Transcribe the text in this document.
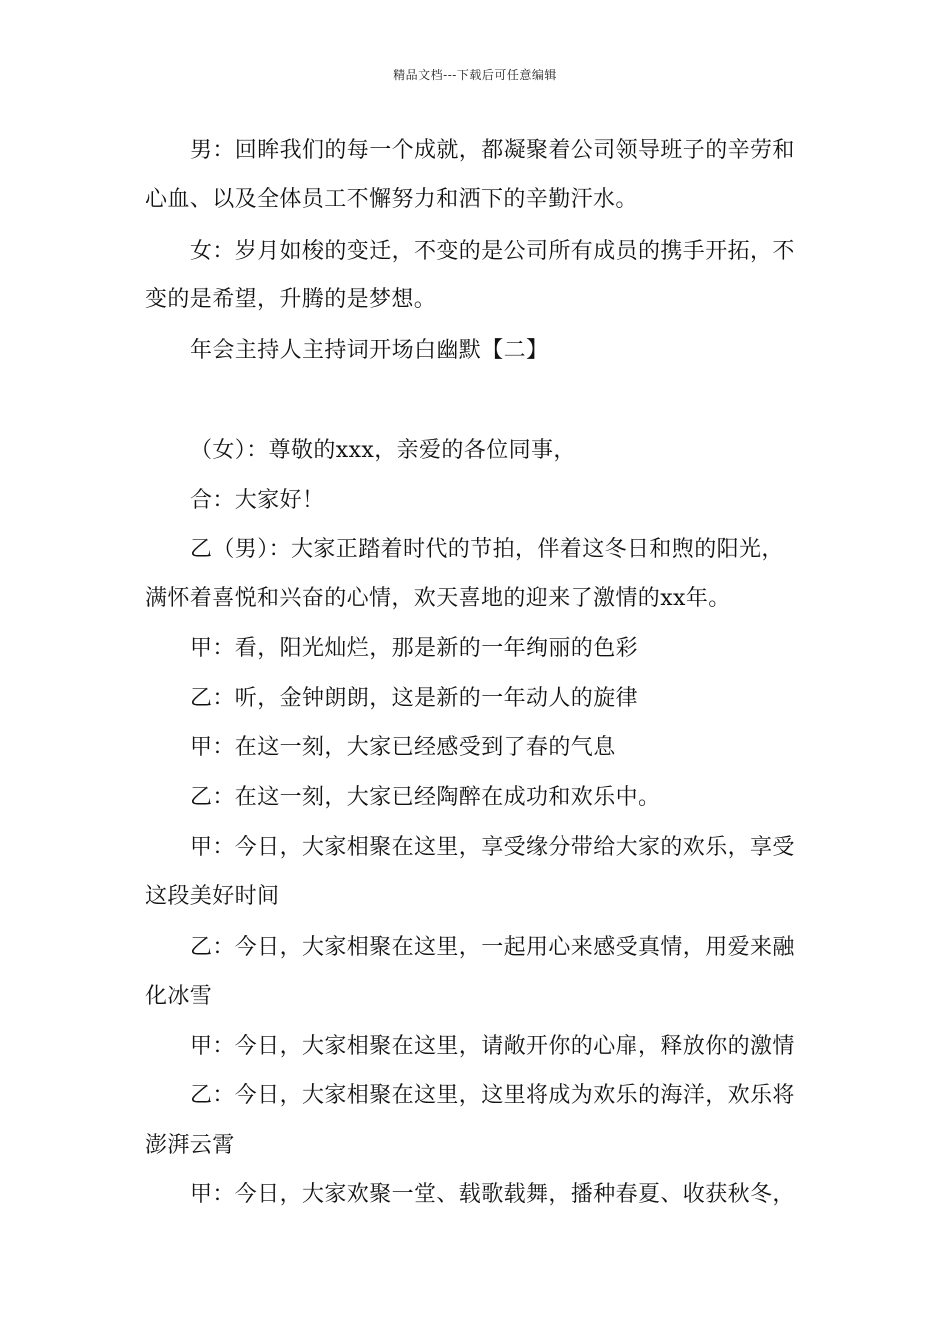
精品文档---下载后可任意编辑
男：回眸我们的每一个成就，都凝聚着公司领导班子的辛劳和
心血、以及全体员工不懈努力和洒下的辛勤汗水。
女：岁月如梭的变迁，不变的是公司所有成员的携手开拓，不
变的是希望，升腾的是梦想。
年会主持人主持词开场白幽默【二】
（女）：尊敬的xxx，亲爱的各位同事，
合：大家好！
乙（男）：大家正踏着时代的节拍，伴着这冬日和煦的阳光，
满怀着喜悦和兴奋的心情，欢天喜地的迎来了激情的xx年。
甲：看，阳光灿烂，那是新的一年绚丽的色彩
乙：听，金钟朗朗，这是新的一年动人的旋律
甲：在这一刻，大家已经感受到了春的气息
乙：在这一刻，大家已经陶醉在成功和欢乐中。
甲：今日，大家相聚在这里，享受缘分带给大家的欢乐，享受
这段美好时间
乙：今日，大家相聚在这里，一起用心来感受真情，用爱来融
化冰雪
甲：今日，大家相聚在这里，请敞开你的心扉，释放你的激情
乙：今日，大家相聚在这里，这里将成为欢乐的海洋，欢乐将
澎湃云霄
甲：今日，大家欢聚一堂、载歌载舞，播种春夏、收获秋冬，
